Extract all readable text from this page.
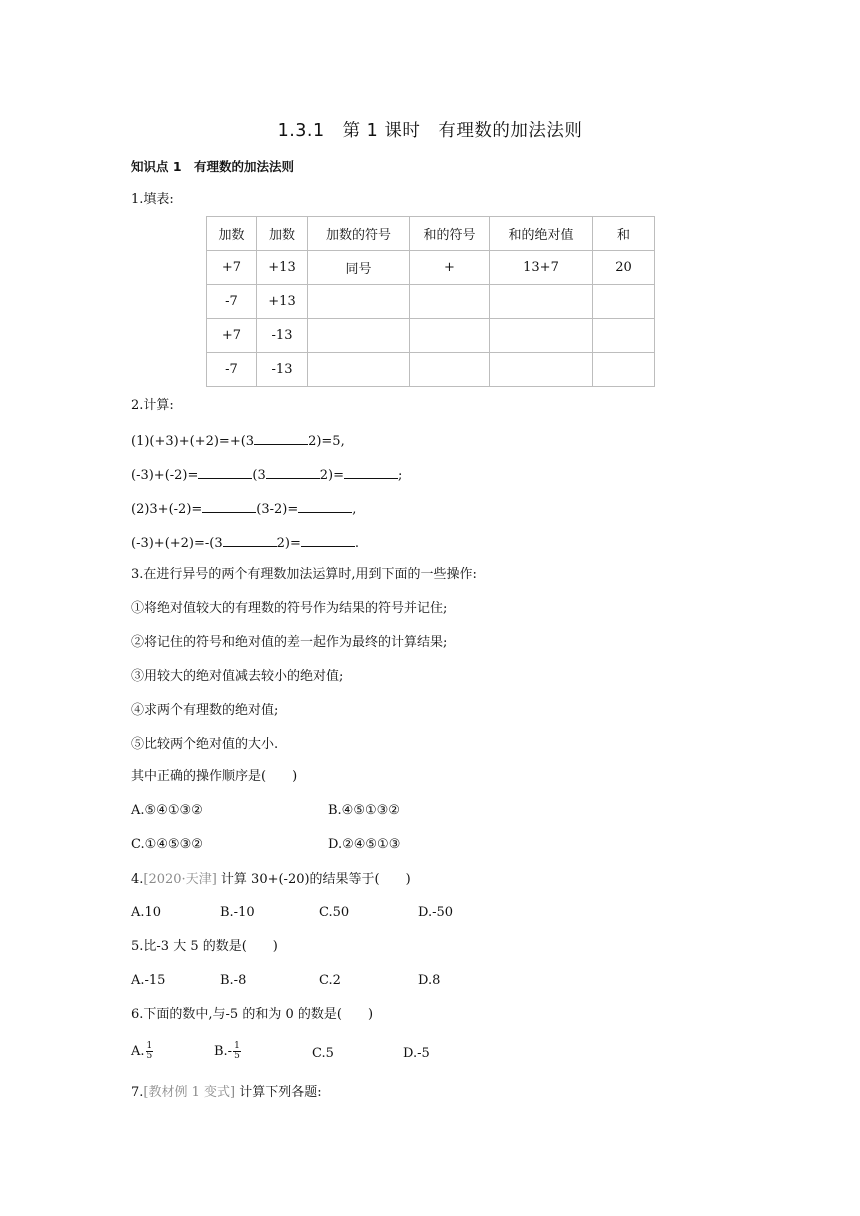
1.3.1　第 1 课时　有理数的加法法则
知识点 1　有理数的加法法则
1.填表:
加数	加数	加数的符号	和的符号	和的绝对值	和
+7	+13	同号	+	13+7	20
-7	+13				
+7	-13				
-7	-13				
2.计算:
(1)(+3)+(+2)=+(3	2)=5,
(-3)+(-2)=	(3	2)=	;
(2)3+(-2)=	(3-2)=	,
(-3)+(+2)=-(3	2)=	.
3.在进行异号的两个有理数加法运算时,用到下面的一些操作:
①将绝对值较大的有理数的符号作为结果的符号并记住;
②将记住的符号和绝对值的差一起作为最终的计算结果;
③用较大的绝对值减去较小的绝对值;
④求两个有理数的绝对值;
⑤比较两个绝对值的大小.
其中正确的操作顺序是(　　)
A.⑤④①③②	B.④⑤①③②
C.①④⑤③②	D.②④⑤①③
4.[2020·天津] 计算 30+(-20)的结果等于(　　)
A.10	B.-10	C.50	D.-50
5.比-3 大 5 的数是(　　)
A.-15	B.-8	C.2	D.8
6.下面的数中,与-5 的和为 0 的数是(　　)
A. $\frac{1}{5}$	$B.- \frac{1}{5}$	C.5	D.-5
7.[教材例 1 变式] 计算下列各题:
